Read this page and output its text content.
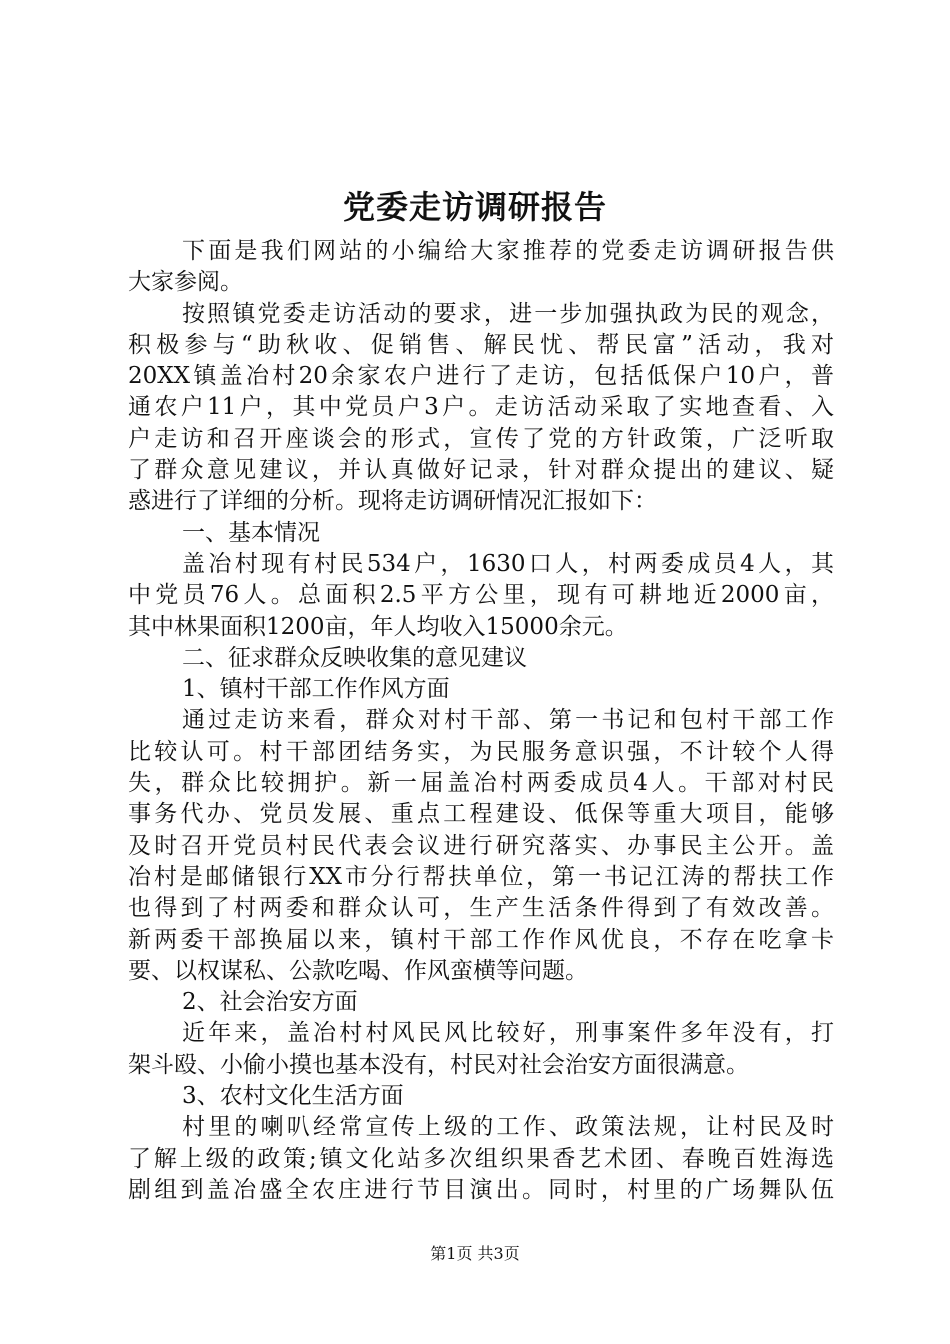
党委走访调研报告
下面是我们网站的小编给大家推荐的党委走访调研报告供
大家参阅。
按照镇党委走访活动的要求，进一步加强执政为民的观念，
积极参与“助秋收、促销售、解民忧、帮民富”活动，我对
20XX镇盖冶村20余家农户进行了走访，包括低保户10户，普
通农户11户，其中党员户3户。走访活动采取了实地查看、入
户走访和召开座谈会的形式，宣传了党的方针政策，广泛听取
了群众意见建议，并认真做好记录，针对群众提出的建议、疑
惑进行了详细的分析。现将走访调研情况汇报如下：
一、基本情况
盖冶村现有村民534户，1630口人，村两委成员4人，其
中党员76人。总面积2.5平方公里，现有可耕地近2000亩，
其中林果面积1200亩，年人均收入15000余元。
二、征求群众反映收集的意见建议
1、镇村干部工作作风方面
通过走访来看，群众对村干部、第一书记和包村干部工作
比较认可。村干部团结务实，为民服务意识强，不计较个人得
失，群众比较拥护。新一届盖冶村两委成员4人。干部对村民
事务代办、党员发展、重点工程建设、低保等重大项目，能够
及时召开党员村民代表会议进行研究落实、办事民主公开。盖
冶村是邮储银行XX市分行帮扶单位，第一书记江涛的帮扶工作
也得到了村两委和群众认可，生产生活条件得到了有效改善。
新两委干部换届以来，镇村干部工作作风优良，不存在吃拿卡
要、以权谋私、公款吃喝、作风蛮横等问题。
2、社会治安方面
近年来，盖冶村村风民风比较好，刑事案件多年没有，打
架斗殴、小偷小摸也基本没有，村民对社会治安方面很满意。
3、农村文化生活方面
村里的喇叭经常宣传上级的工作、政策法规，让村民及时
了解上级的政策;镇文化站多次组织果香艺术团、春晚百姓海选
剧组到盖冶盛全农庄进行节目演出。同时，村里的广场舞队伍
第1页 共3页
